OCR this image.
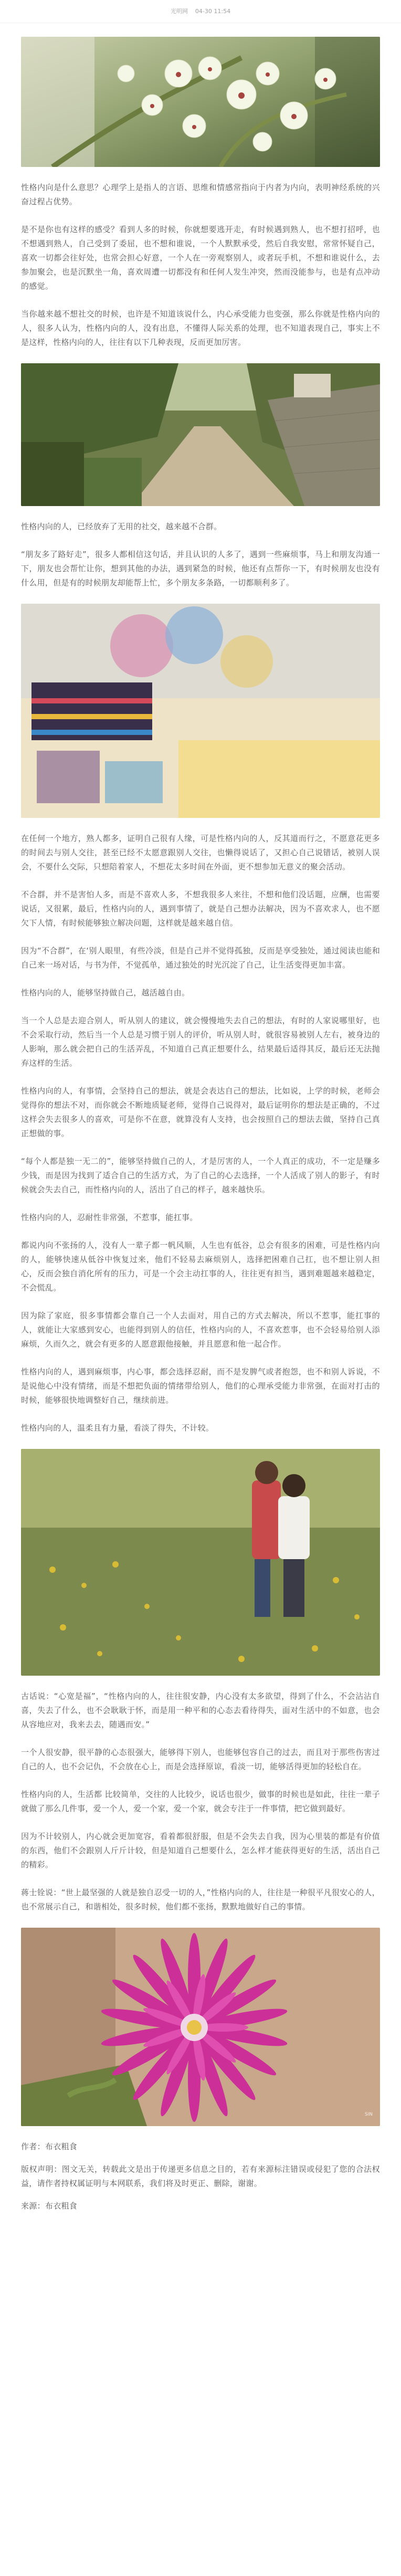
光明网 04-30 11:54

性格内向是什么意思？心理学上是指人的言语、思维和情感常指向于内者为内向，表明神经系统的兴奋过程占优势。

是不是你也有这样的感受？看到人多的时候，你就想要逃开走，有时候遇到熟人，也不想打招呼，也不想遇到熟人，自己受到了委屈，也不想和谁说，一个人默默承受，然后自我安慰，常常怀疑自己，喜欢一切都会往好处，也常会担心好意，一个人在一旁观察别人，或者玩手机，不想和谁说什么，去参加聚会，也是沉默坐一角，喜欢周遭一切都没有和任何人发生冲突，然而没能参与，也是有点冲动的感觉。

当你越来越不想社交的时候，也许是不知道该说什么，内心承受能力也变强，那么你就是性格内向的人，很多人认为，性格内向的人，没有出息，不懂得人际关系的处理，也不知道表现自己，事实上不是这样，性格内向的人，往往有以下几种表现，反而更加厉害。

性格内向的人，已经放弃了无用的社交，越来越不合群。

“朋友多了路好走”，很多人都相信这句话，并且认识的人多了，遇到一些麻烦事，马上和朋友沟通一下，朋友也会帮忙让你，想到其他的办法，遇到紧急的时候，他还有点帮你一下，有时候朋友也没有什么用，但是有的时候朋友却能帮上忙，多个朋友多条路，一切都顺利多了。

在任何一个地方，熟人都多，证明自己很有人缘，可是性格内向的人，反其道而行之，不愿意花更多的时间去与别人交往，甚至已经不太愿意跟别人交往，也懒得说话了，又担心自己说错话，被别人误会，不要什么交际，只想陪着家人，不想花太多时间在外面，更不想参加无意义的聚会活动。

不合群，并不是害怕人多，而是不喜欢人多，不想我很多人来往，不想和他们没话题，应酬，也需要说话，又很累，最后，性格内向的人，遇到事情了，就是自己想办法解决，因为不喜欢求人，也不愿欠下人情，有时候能够独立解决问题，这样就是越来越自信。

因为“不合群”，在‘别人眼里，有些冷淡，但是自己并不觉得孤独，反而是享受独处，通过阅读也能和自己来一场对话，与书为伴，不觉孤单，通过独处的时光沉淀了自己，让生活变得更加丰富。

性格内向的人，能够坚持做自己，越活越自由。

当一个人总是去迎合别人，听从别人的建议，就会慢慢地失去自己的想法，有时的人家说哪里好，也不会采取行动，然后当一个人总是习惯于别人的评价，听从别人时，就很容易被别人左右，被身边的人影响，那么就会把自己的生活弄乱，不知道自己真正想要什么，结果最后适得其反，最后还无法抛弃这样的生活。

性格内向的人，有事情，会坚持自己的想法，就是会表达自己的想法，比如说，上学的时候，老师会觉得你的想法不对，而你就会不断地质疑老师，觉得自己说得对，最后证明你的想法是正确的，不过这样会失去很多人的喜欢，可是你不在意，就算没有人支持，也会按照自己的想法去做，坚持自己真正想做的事。

“每个人都是独一无二的”，能够坚持做自己的人，才是厉害的人，一个人真正的成功，不一定是赚多少钱，而是因为找到了适合自己的生活方式，为了自己的心去选择，一个人活成了别人的影子，有时候就会失去自己，而性格内向的人，活出了自己的样子，越来越快乐。

性格内向的人，忍耐性非常强，不惹事，能扛事。

都说内向不张扬的人，没有人一辈子都一帆风顺，人生也有低谷，总会有很多的困难，可是性格内向的人，能够快速从低谷中恢复过来，他们不轻易去麻烦别人，选择把困难自己扛，也不想让别人担心，反而会独自消化所有的压力，可是一个会主动扛事的人，往往更有担当，遇到难题越来越稳定，不会慌乱。

因为除了家庭，很多事情都会靠自己一个人去面对，用自己的方式去解决，所以不惹事，能扛事的人，就能让大家感到安心，也能得到别人的信任，性格内向的人，不喜欢惹事，也不会轻易给别人添麻烦，久而久之，就会有更多的人愿意跟他接触，并且愿意和他一起合作。

性格内向的人，遇到麻烦事，内心事，都会选择忍耐，而不是发脾气或者抱怨，也不和别人诉说，不是说他心中没有情绪，而是不想把负面的情绪带给别人，他们的心理承受能力非常强，在面对打击的时候，能够很快地调整好自己，继续前进。

性格内向的人，温柔且有力量，看淡了得失，不计较。

古话说：“心宽是福”，“性格内向的人，往往很安静，内心没有太多欲望，得到了什么，不会沾沾自喜，失去了什么，也不会耿耿于怀，而是用一种平和的心态去看待得失，面对生活中的不如意，也会从容地应对，我来去去，随遇而安。”

一个人很安静，很平静的心态很强大，能够得下别人，也能够包容自己的过去，而且对于那些伤害过自己的人，也不会记仇，不会放在心上，而是会选择原谅，看淡一切，能够活得更加的轻松自在。

性格内向的人，生活都 比较简单，交往的人比较少，说话也很少，做事的时候也是如此，往往一辈子就做了那么几件事，爱一个人，爱一个家，爱一个家，就会专注于一件事情，把它做到最好。

因为不计较别人，内心就会更加宽容，看着都很舒服，但是不会失去自我，因为心里装的都是有价值的东西，他们不会跟别人斤斤计较，但是知道自己想要什么，怎么样才能获得更好的生活，活出自己的精彩。

蒋士铨说：“世上最坚强的人就是独自忍受一切的人，”性格内向的人，往往是一种很平凡很安心的人，也不常展示自己，和谐相处，很多时候，他们都不张扬，默默地做好自己的事情。

SIN

作者：布衣粗食

版权声明：图文无关，转载此文是出于传递更多信息之目的，若有来源标注错误或侵犯了您的合法权益，请作者持权属证明与本网联系，我们将及时更正、删除，谢谢。

来源：布衣粗食
